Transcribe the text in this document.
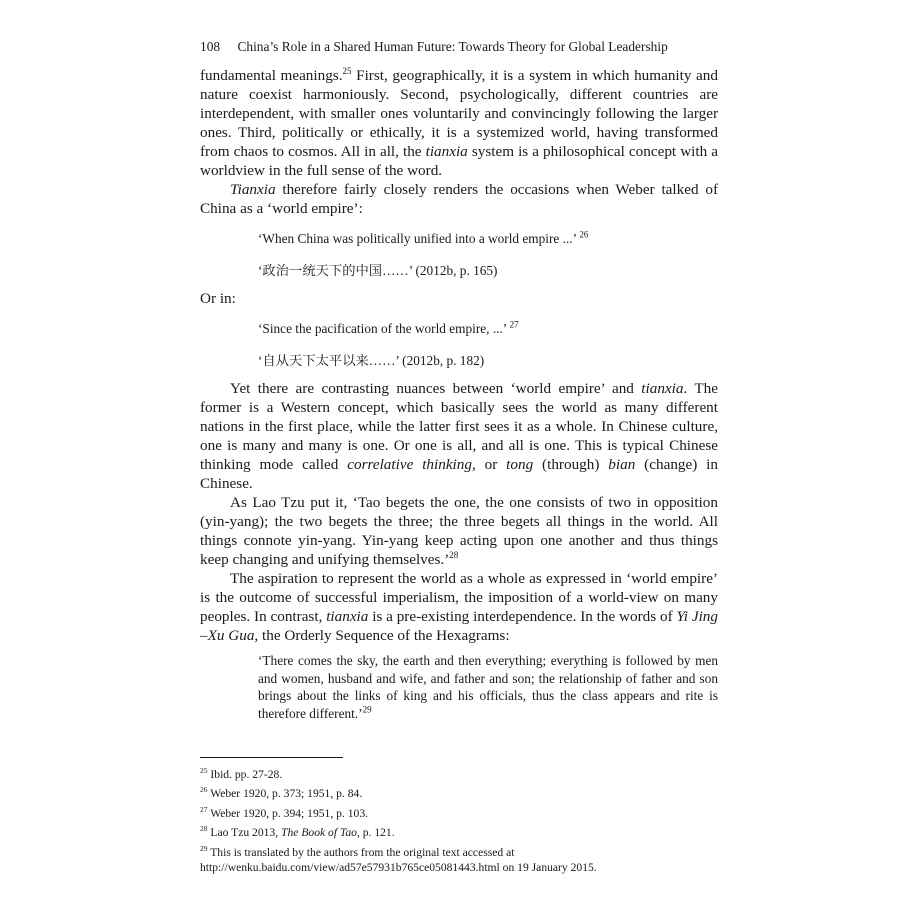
108 China’s Role in a Shared Human Future: Towards Theory for Global Leadership

fundamental meanings.$^{25}$ First, geographically, it is a system in which humanity and nature coexist harmoniously. Second, psychologically, different countries are interdependent, with smaller ones voluntarily and convincingly following the larger ones. Third, politically or ethically, it is a systemized world, having transformed from chaos to cosmos. All in all, the tianxia system is a philosophical concept with a worldview in the full sense of the word.

Tianxia therefore fairly closely renders the occasions when Weber talked of China as a ‘world empire’:

‘When China was politically unified into a world empire ...’ $^{26}$
‘政治一统天下的中国……’ (2012b, p. 165)

Or in:

‘Since the pacification of the world empire, ...’ $^{27}$
‘自从天下太平以来……’ (2012b, p. 182)

Yet there are contrasting nuances between ‘world empire’ and tianxia. The former is a Western concept, which basically sees the world as many different nations in the first place, while the latter first sees it as a whole. In Chinese culture, one is many and many is one. Or one is all, and all is one. This is typical Chinese thinking mode called correlative thinking, or tong (through) bian (change) in Chinese.

As Lao Tzu put it, ‘Tao begets the one, the one consists of two in opposition (yin-yang); the two begets the three; the three begets all things in the world. All things connote yin-yang. Yin-yang keep acting upon one another and thus things keep changing and unifying themselves.’$^{28}$

The aspiration to represent the world as a whole as expressed in ‘world empire’ is the outcome of successful imperialism, the imposition of a world-view on many peoples. In contrast, tianxia is a pre-existing interdependence. In the words of Yi Jing –Xu Gua, the Orderly Sequence of the Hexagrams:

‘There comes the sky, the earth and then everything; everything is followed by men and women, husband and wife, and father and son; the relationship of father and son brings about the links of king and his officials, thus the class appears and rite is therefore different.’$^{29}$

$^{25}$ Ibid. pp. 27-28.

$^{26}$ Weber 1920, p. 373; 1951, p. 84.

$^{27}$ Weber 1920, p. 394; 1951, p. 103.

$^{28}$ Lao Tzu 2013, The Book of Tao, p. 121.

$^{29}$ This is translated by the authors from the original text accessed at http://wenku.baidu.com/view/ad57e57931b765ce05081443.html on 19 January 2015.
